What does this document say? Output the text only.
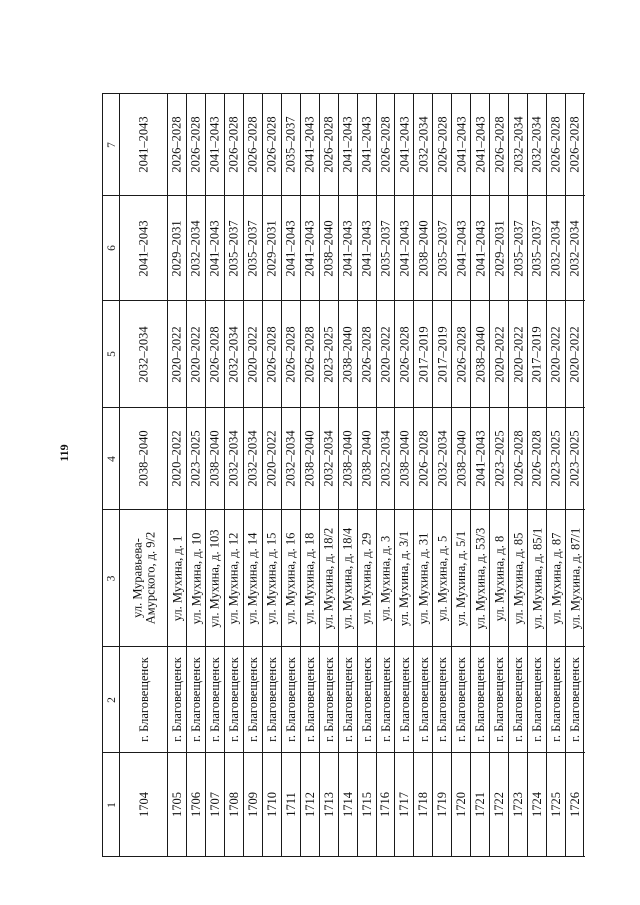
119
7
6
5
4
3
2
1
2041–2043
2041–2043
2032–2034
2038–2040
ул. Муравьева-
Амурского, д. 9/2
г. Благовещенск
1704
2026–2028
2029–2031
2020–2022
2020–2022
ул. Мухина, д. 1
г. Благовещенск
1705
2026–2028
2032–2034
2020–2022
2023–2025
ул. Мухина, д. 10
г. Благовещенск
1706
2041–2043
2041–2043
2026–2028
2038–2040
ул. Мухина, д. 103
г. Благовещенск
1707
2026–2028
2035–2037
2032–2034
2032–2034
ул. Мухина, д. 12
г. Благовещенск
1708
2026–2028
2035–2037
2020–2022
2032–2034
ул. Мухина, д. 14
г. Благовещенск
1709
2026–2028
2029–2031
2026–2028
2020–2022
ул. Мухина, д. 15
г. Благовещенск
1710
2035–2037
2041–2043
2026–2028
2032–2034
ул. Мухина, д. 16
г. Благовещенск
1711
2041–2043
2041–2043
2026–2028
2038–2040
ул. Мухина, д. 18
г. Благовещенск
1712
2026–2028
2038–2040
2023–2025
2032–2034
ул. Мухина, д. 18/2
г. Благовещенск
1713
2041–2043
2041–2043
2038–2040
2038–2040
ул. Мухина, д. 18/4
г. Благовещенск
1714
2041–2043
2041–2043
2026–2028
2038–2040
ул. Мухина, д. 29
г. Благовещенск
1715
2026–2028
2035–2037
2020–2022
2032–2034
ул. Мухина, д. 3
г. Благовещенск
1716
2041–2043
2041–2043
2026–2028
2038–2040
ул. Мухина, д. 3/1
г. Благовещенск
1717
2032–2034
2038–2040
2017–2019
2026–2028
ул. Мухина, д. 31
г. Благовещенск
1718
2026–2028
2035–2037
2017–2019
2032–2034
ул. Мухина, д. 5
г. Благовещенск
1719
2041–2043
2041–2043
2026–2028
2038–2040
ул. Мухина, д. 5/1
г. Благовещенск
1720
2041–2043
2041–2043
2038–2040
2041–2043
ул. Мухина, д. 53/3
г. Благовещенск
1721
2026–2028
2029–2031
2020–2022
2023–2025
ул. Мухина, д. 8
г. Благовещенск
1722
2032–2034
2035–2037
2020–2022
2026–2028
ул. Мухина, д. 85
г. Благовещенск
1723
2032–2034
2035–2037
2017–2019
2026–2028
ул. Мухина, д. 85/1
г. Благовещенск
1724
2026–2028
2032–2034
2020–2022
2023–2025
ул. Мухина, д. 87
г. Благовещенск
1725
2026–2028
2032–2034
2020–2022
2023–2025
ул. Мухина, д. 87/1
г. Благовещенск
1726
